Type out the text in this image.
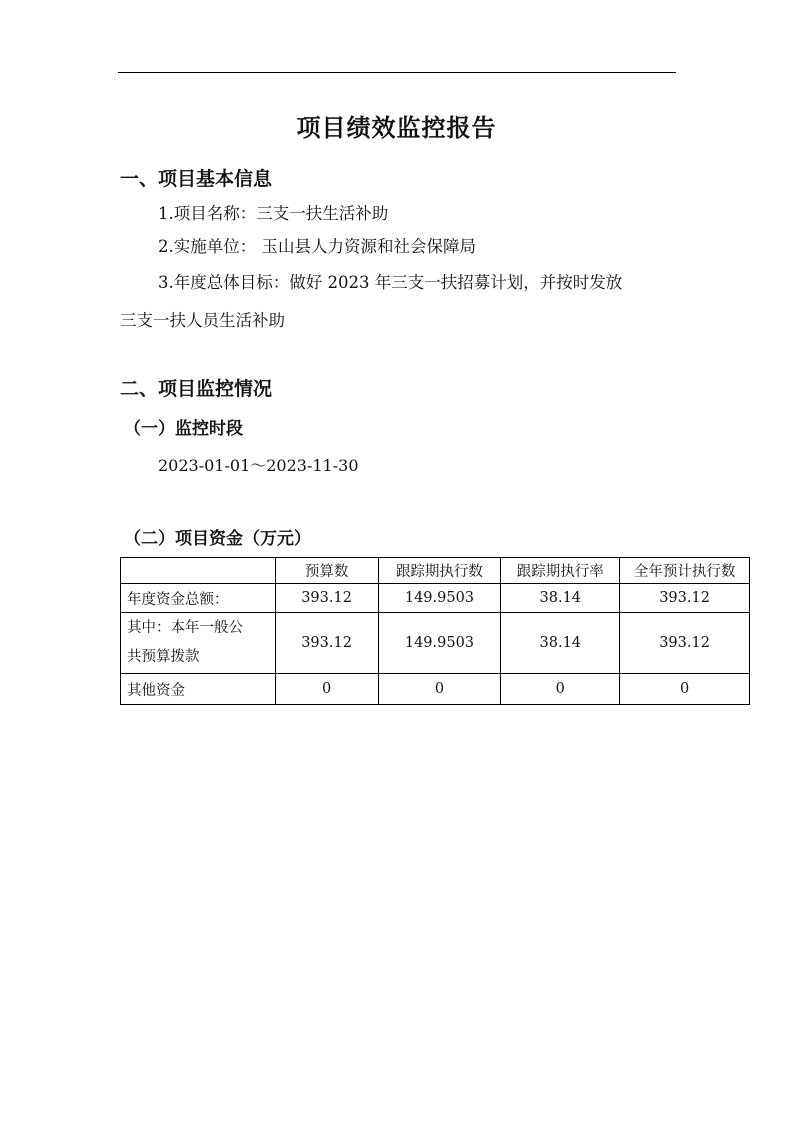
项目绩效监控报告
一、项目基本信息
1.项目名称：三支一扶生活补助
2.实施单位： 玉山县人力资源和社会保障局
3.年度总体目标：做好 2023 年三支一扶招募计划，并按时发放
三支一扶人员生活补助
二、项目监控情况
（一）监控时段
2023-01-01～2023-11-30
（二）项目资金（万元）
	预算数	跟踪期执行数	跟踪期执行率	全年预计执行数
年度资金总额：	393.12	149.9503	38.14	393.12

其中：本年一般公
共预算拨款	393.12	149.9503	38.14	393.12
其他资金	0	0	0	0
